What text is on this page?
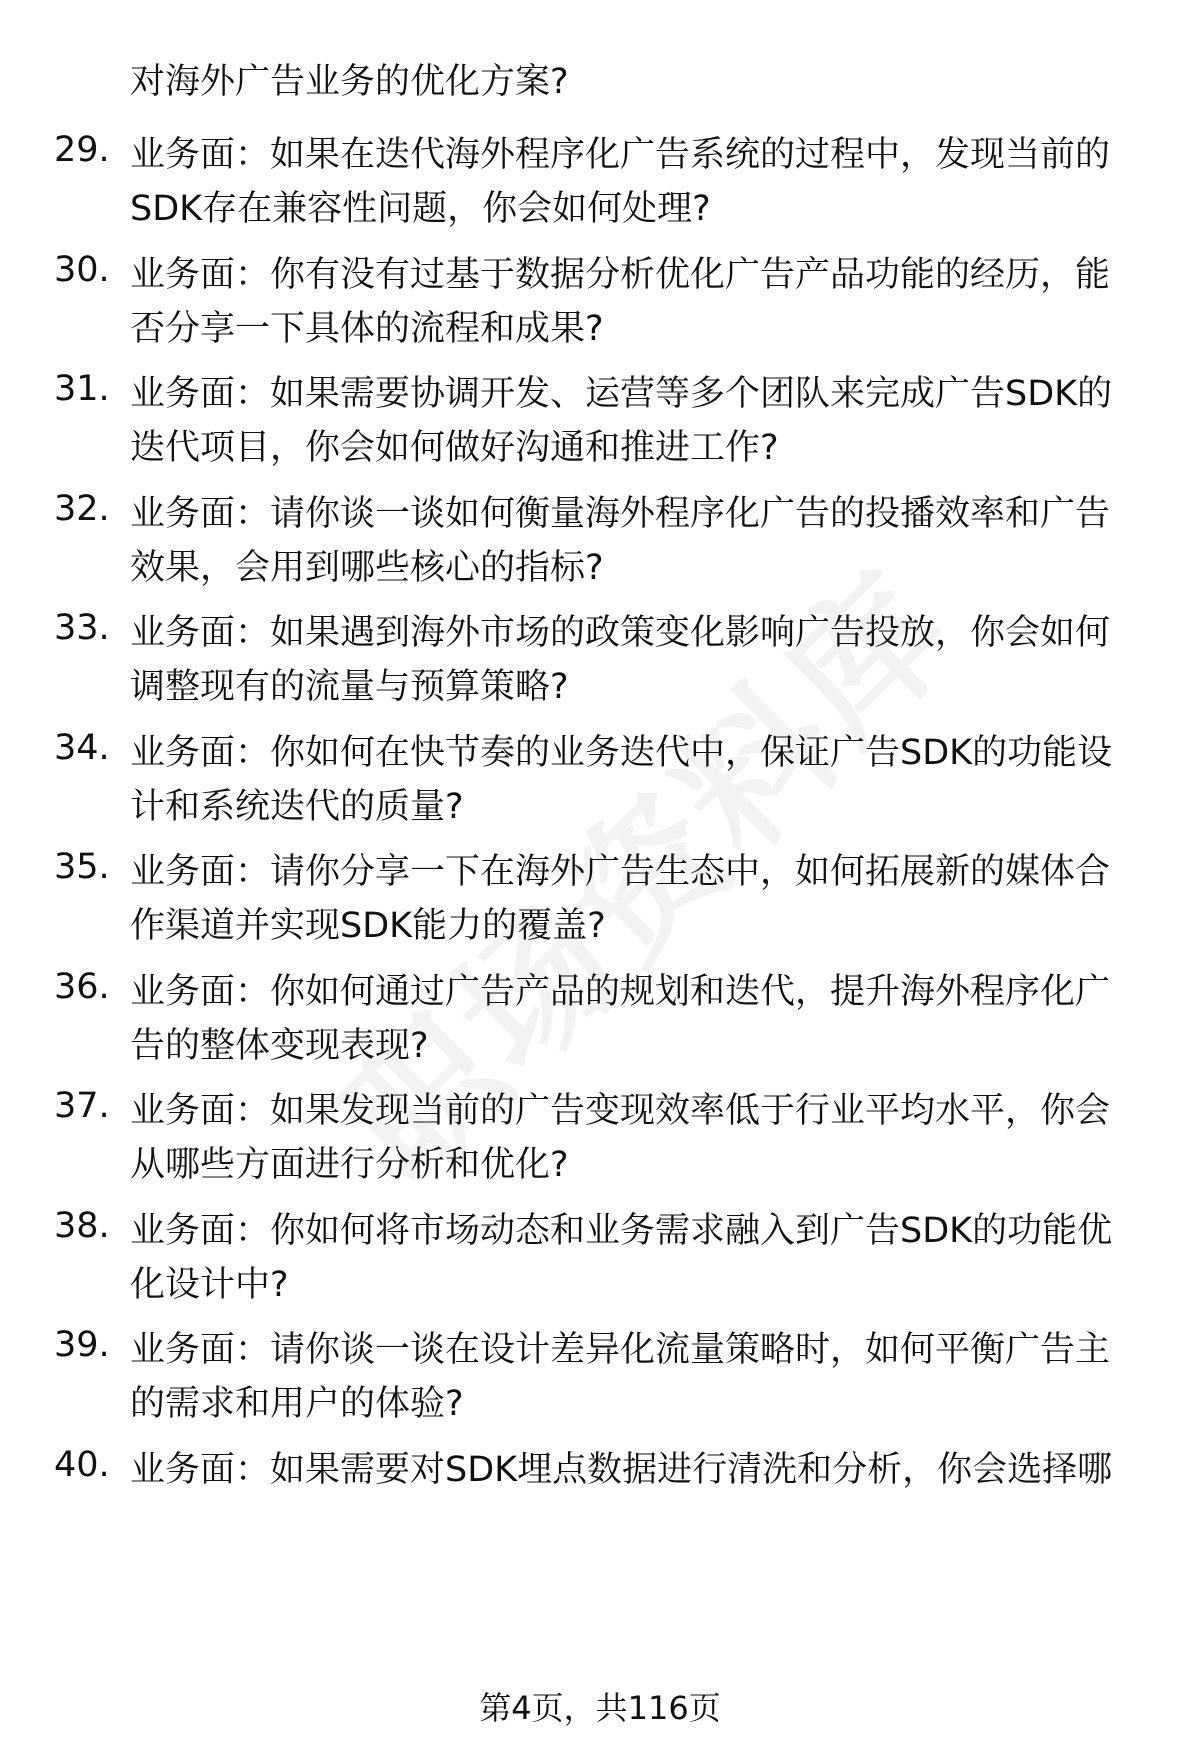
对海外广告业务的优化方案?
29. 业务面：如果在迭代海外程序化广告系统的过程中，发现当前的SDK存在兼容性问题，你会如何处理?
30. 业务面：你有没有过基于数据分析优化广告产品功能的经历，能否分享一下具体的流程和成果?
31. 业务面：如果需要协调开发、运营等多个团队来完成广告SDK的迭代项目，你会如何做好沟通和推进工作?
32. 业务面：请你谈一谈如何衡量海外程序化广告的投播效率和广告效果，会用到哪些核心的指标?
33. 业务面：如果遇到海外市场的政策变化影响广告投放，你会如何调整现有的流量与预算策略?
34. 业务面：你如何在快节奏的业务迭代中，保证广告SDK的功能设计和系统迭代的质量?
35. 业务面：请你分享一下在海外广告生态中，如何拓展新的媒体合作渠道并实现SDK能力的覆盖?
36. 业务面：你如何通过广告产品的规划和迭代，提升海外程序化广告的整体变现表现?
37. 业务面：如果发现当前的广告变现效率低于行业平均水平，你会从哪些方面进行分析和优化?
38. 业务面：你如何将市场动态和业务需求融入到广告SDK的功能优化设计中?
39. 业务面：请你谈一谈在设计差异化流量策略时，如何平衡广告主的需求和用户的体验?
40. 业务面：如果需要对SDK埋点数据进行清洗和分析，你会选择哪
第4页，共116页
